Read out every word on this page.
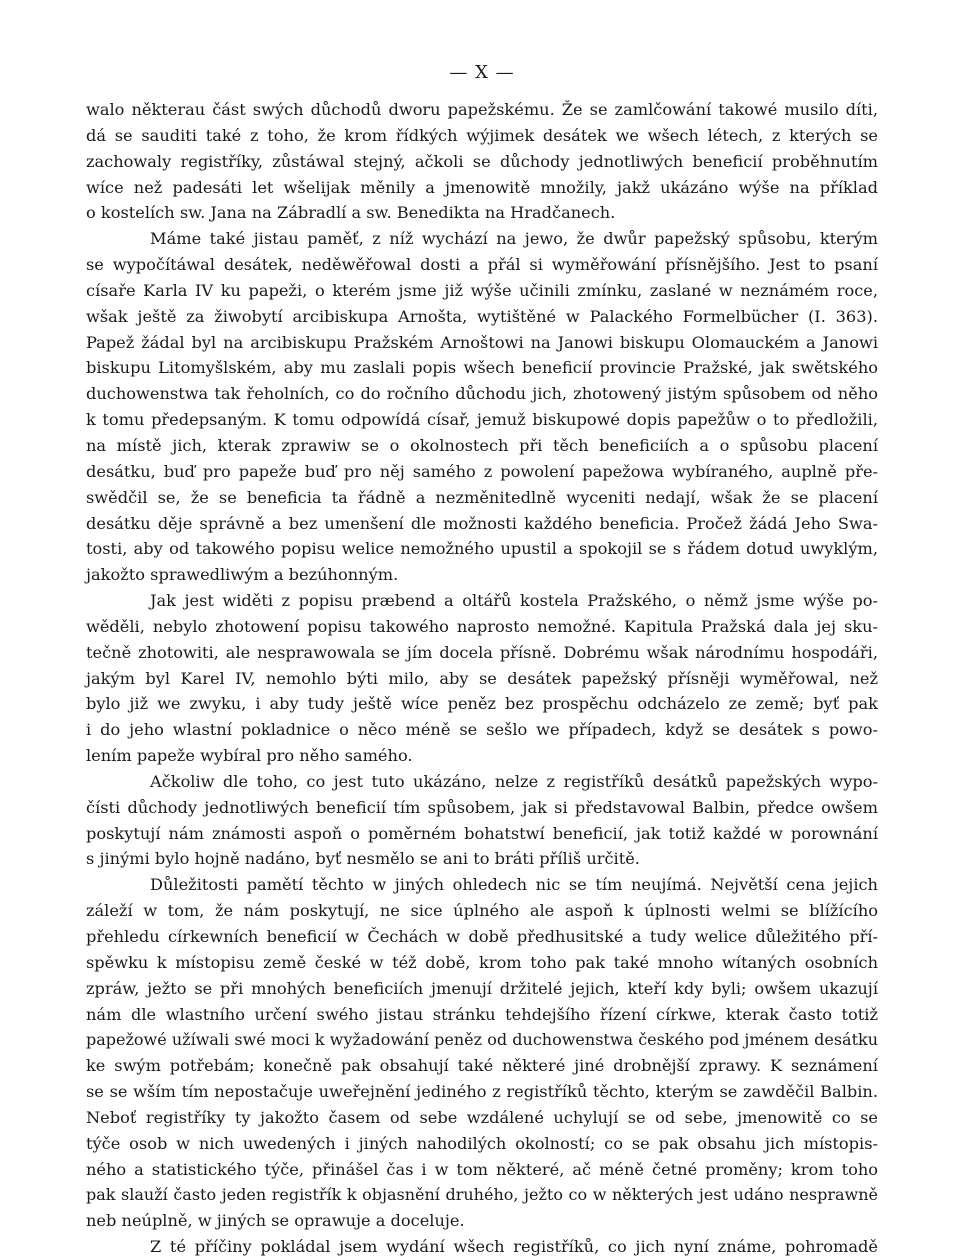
— X —
walo některau část swých důchodů dworu papežskému. Že se zamlčowání takowé musilo díti,
dá se sauditi také z toho, že krom řídkých wýjimek desátek we wšech létech, z kterých se
zachowaly registříky, zůstáwal stejný, ačkoli se důchody jednotliwých beneficií proběhnutím
wíce než padesáti let wšelijak měnily a jmenowitě množily, jakž ukázáno wýše na příklad
o kostelích sw. Jana na Zábradlí a sw. Benedikta na Hradčanech.
Máme také jistau paměť, z níž wychází na jewo, že dwůr papežský spůsobu, kterým
se wypočítáwal desátek, neděwěřowal dosti a přál si wyměřowání přísnějšího. Jest to psaní
císaře Karla IV ku papeži, o kterém jsme již wýše učinili zmínku, zaslané w neznámém roce,
wšak ještě za žiwobytí arcibiskupa Arnošta, wytištěné w Palackého Formelbücher (I. 363).
Papež žádal byl na arcibiskupu Pražském Arnoštowi na Janowi biskupu Olomauckém a Janowi
biskupu Litomyšlském, aby mu zaslali popis wšech beneficií provincie Pražské, jak swětského
duchowenstwa tak řeholních, co do ročního důchodu jich, zhotowený jistým spůsobem od něho
k tomu předepsaným. K tomu odpowídá císař, jemuž biskupowé dopis papežůw o to předložili,
na místě jich, kterak zprawiw se o okolnostech při těch beneficiích a o spůsobu placení
desátku, buď pro papeže buď pro něj samého z powolení papežowa wybíraného, auplně pře-
swědčil se, že se beneficia ta řádně a nezměnitedlně wyceniti nedají, wšak že se placení
desátku děje správně a bez umenšení dle možnosti každého beneficia. Pročež žádá Jeho Swa-
tosti, aby od takowého popisu welice nemožného upustil a spokojil se s řádem dotud uwyklým,
jakožto sprawedliwým a bezúhonným.
Jak jest widěti z popisu præbend a oltářů kostela Pražského, o němž jsme wýše po-
wěděli, nebylo zhotowení popisu takowého naprosto nemožné. Kapitula Pražská dala jej sku-
tečně zhotowiti, ale nesprawowala se jím docela přísně. Dobrému wšak národnímu hospodáři,
jakým byl Karel IV, nemohlo býti milo, aby se desátek papežský přísněji wyměřowal, než
bylo již we zwyku, i aby tudy ještě wíce peněz bez prospěchu odcházelo ze země; byť pak
i do jeho wlastní pokladnice o něco méně se sešlo we případech, když se desátek s powo-
lením papeže wybíral pro něho samého.
Ačkoliw dle toho, co jest tuto ukázáno, nelze z registříků desátků papežských wypo-
čísti důchody jednotliwých beneficií tím spůsobem, jak si představowal Balbin, předce owšem
poskytují nám známosti aspoň o poměrném bohatstwí beneficií, jak totiž každé w porownání
s jinými bylo hojně nadáno, byť nesmělo se ani to bráti příliš určitě.
Důležitosti pamětí těchto w jiných ohledech nic se tím neujímá. Největší cena jejich
záleží w tom, že nám poskytují, ne sice úplného ale aspoň k úplnosti welmi se blížícího
přehledu církewních beneficií w Čechách w době předhusitské a tudy welice důležitého pří-
spěwku k místopisu země české w též době, krom toho pak také mnoho wítaných osobních
zpráw, ježto se při mnohých beneficiích jmenují držitelé jejich, kteří kdy byli; owšem ukazují
nám dle wlastního určení swého jistau stránku tehdejšího řízení církwe, kterak často totiž
papežowé užíwali swé moci k wyžadowání peněz od duchowenstwa českého pod jménem desátku
ke swým potřebám; konečně pak obsahují také některé jiné drobnější zprawy. K seznámení
se se wším tím nepostačuje uweřejnění jediného z registříků těchto, kterým se zawděčil Balbin.
Neboť registříky ty jakožto časem od sebe wzdálené uchylují se od sebe, jmenowitě co se
týče osob w nich uwedených i jiných nahodilých okolností; co se pak obsahu jich místopis-
ného a statistického týče, přinášel čas i w tom některé, ač méně četné proměny; krom toho
pak slauží často jeden registřík k objasnění druhého, ježto co w některých jest udáno nesprawně
neb neúplně, w jiných se oprawuje a doceluje.
Z té příčiny pokládal jsem wydání wšech registříků, co jich nyní známe, pohromadě
